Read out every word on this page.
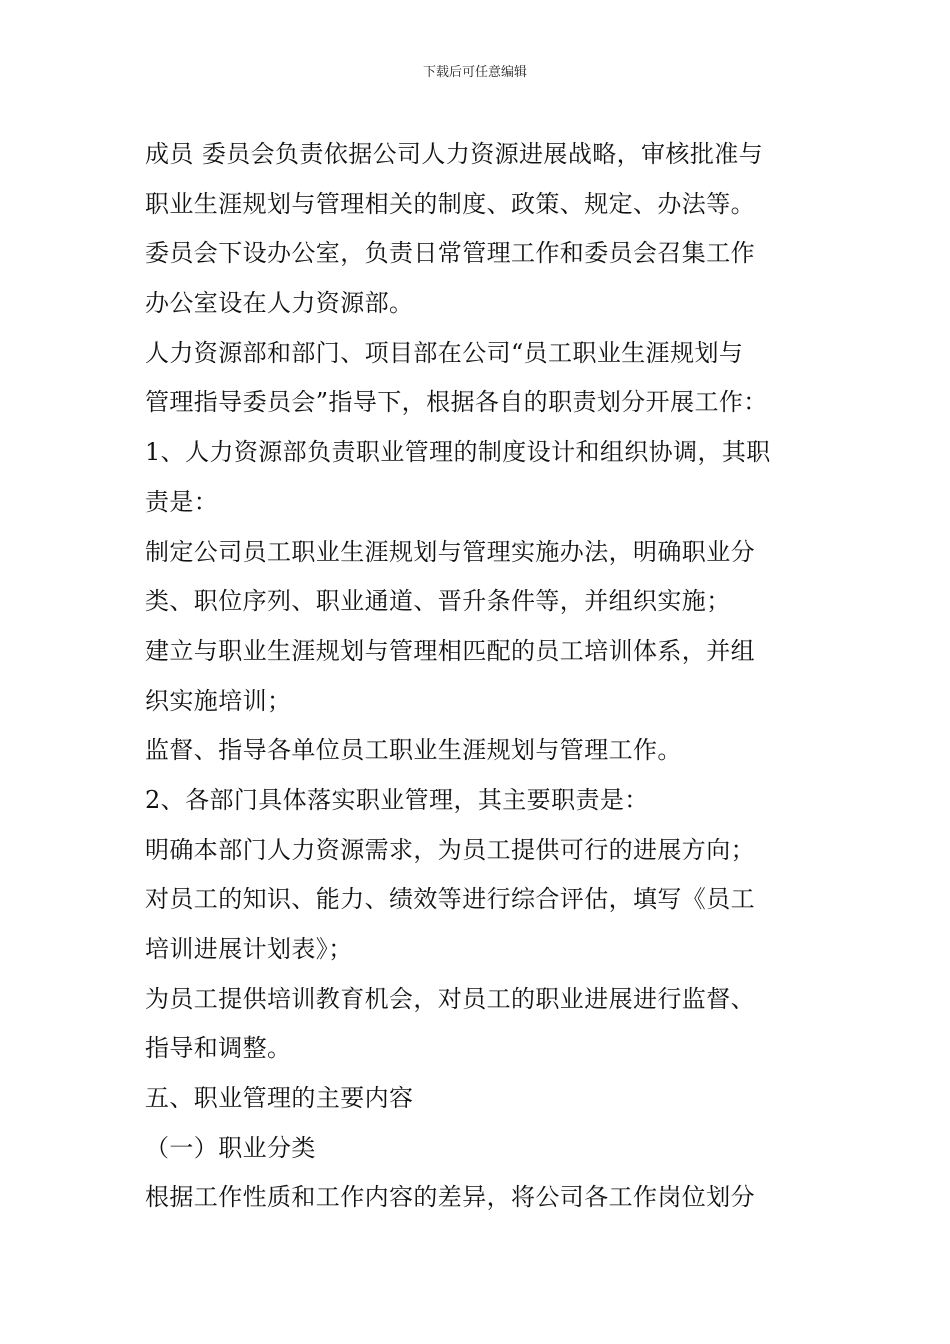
下载后可任意编辑
成员 委员会负责依据公司人力资源进展战略，审核批准与
职业生涯规划与管理相关的制度、政策、规定、办法等。
委员会下设办公室，负责日常管理工作和委员会召集工作
办公室设在人力资源部。
人力资源部和部门、项目部在公司“员工职业生涯规划与
管理指导委员会”指导下，根据各自的职责划分开展工作：
1、人力资源部负责职业管理的制度设计和组织协调，其职
责是：
制定公司员工职业生涯规划与管理实施办法，明确职业分
类、职位序列、职业通道、晋升条件等，并组织实施；
建立与职业生涯规划与管理相匹配的员工培训体系，并组
织实施培训；
监督、指导各单位员工职业生涯规划与管理工作。
2、各部门具体落实职业管理，其主要职责是：
明确本部门人力资源需求，为员工提供可行的进展方向；
对员工的知识、能力、绩效等进行综合评估，填写《员工
培训进展计划表》；
为员工提供培训教育机会，对员工的职业进展进行监督、
指导和调整。
五、职业管理的主要内容
（一）职业分类
根据工作性质和工作内容的差异，将公司各工作岗位划分
